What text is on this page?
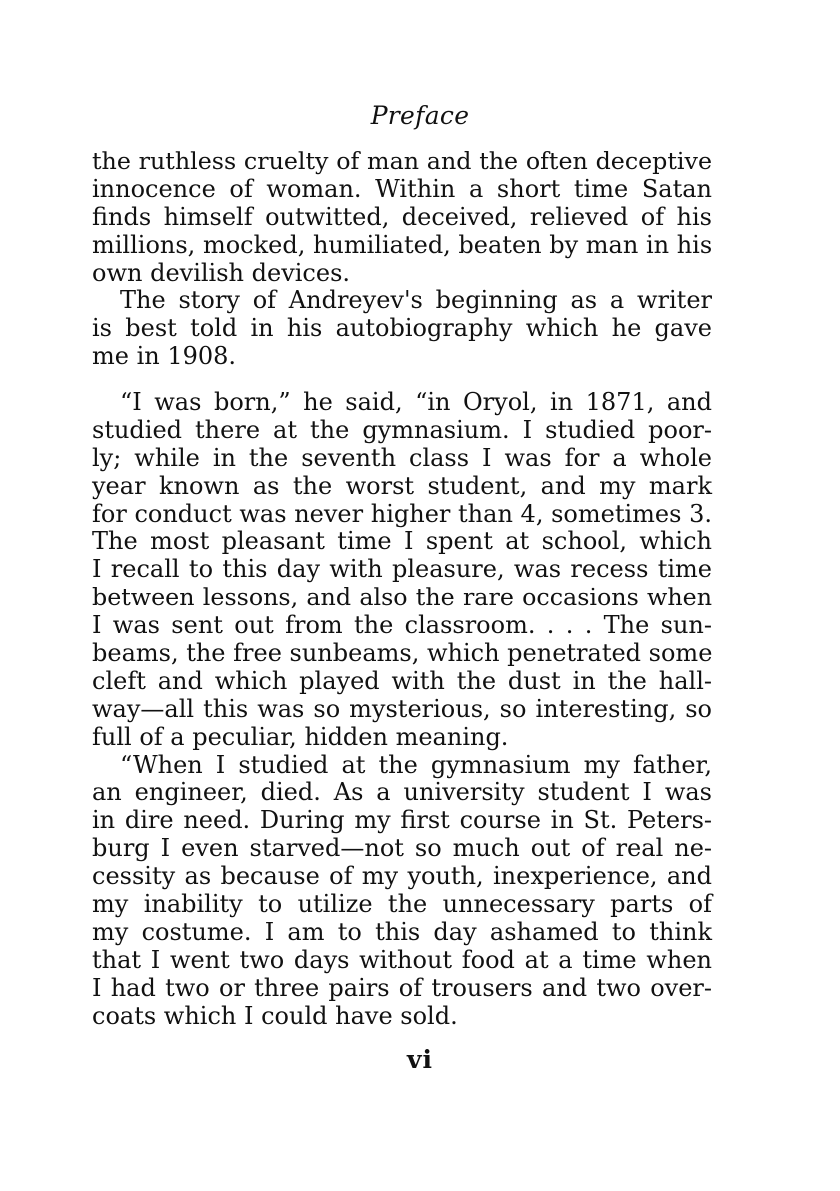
Preface
the ruthless cruelty of man and the often deceptive
innocence of woman. Within a short time Satan
finds himself outwitted, deceived, relieved of his
millions, mocked, humiliated, beaten by man in his
own devilish devices.
The story of Andreyev's beginning as a writer
is best told in his autobiography which he gave
me in 1908.
“I was born,” he said, “in Oryol, in 1871, and
studied there at the gymnasium. I studied poor-
ly; while in the seventh class I was for a whole
year known as the worst student, and my mark
for conduct was never higher than 4, sometimes 3.
The most pleasant time I spent at school, which
I recall to this day with pleasure, was recess time
between lessons, and also the rare occasions when
I was sent out from the classroom. . . . The sun-
beams, the free sunbeams, which penetrated some
cleft and which played with the dust in the hall-
way—all this was so mysterious, so interesting, so
full of a peculiar, hidden meaning.
“When I studied at the gymnasium my father,
an engineer, died. As a university student I was
in dire need. During my first course in St. Peters-
burg I even starved—not so much out of real ne-
cessity as because of my youth, inexperience, and
my inability to utilize the unnecessary parts of
my costume. I am to this day ashamed to think
that I went two days without food at a time when
I had two or three pairs of trousers and two over-
coats which I could have sold.
vi
